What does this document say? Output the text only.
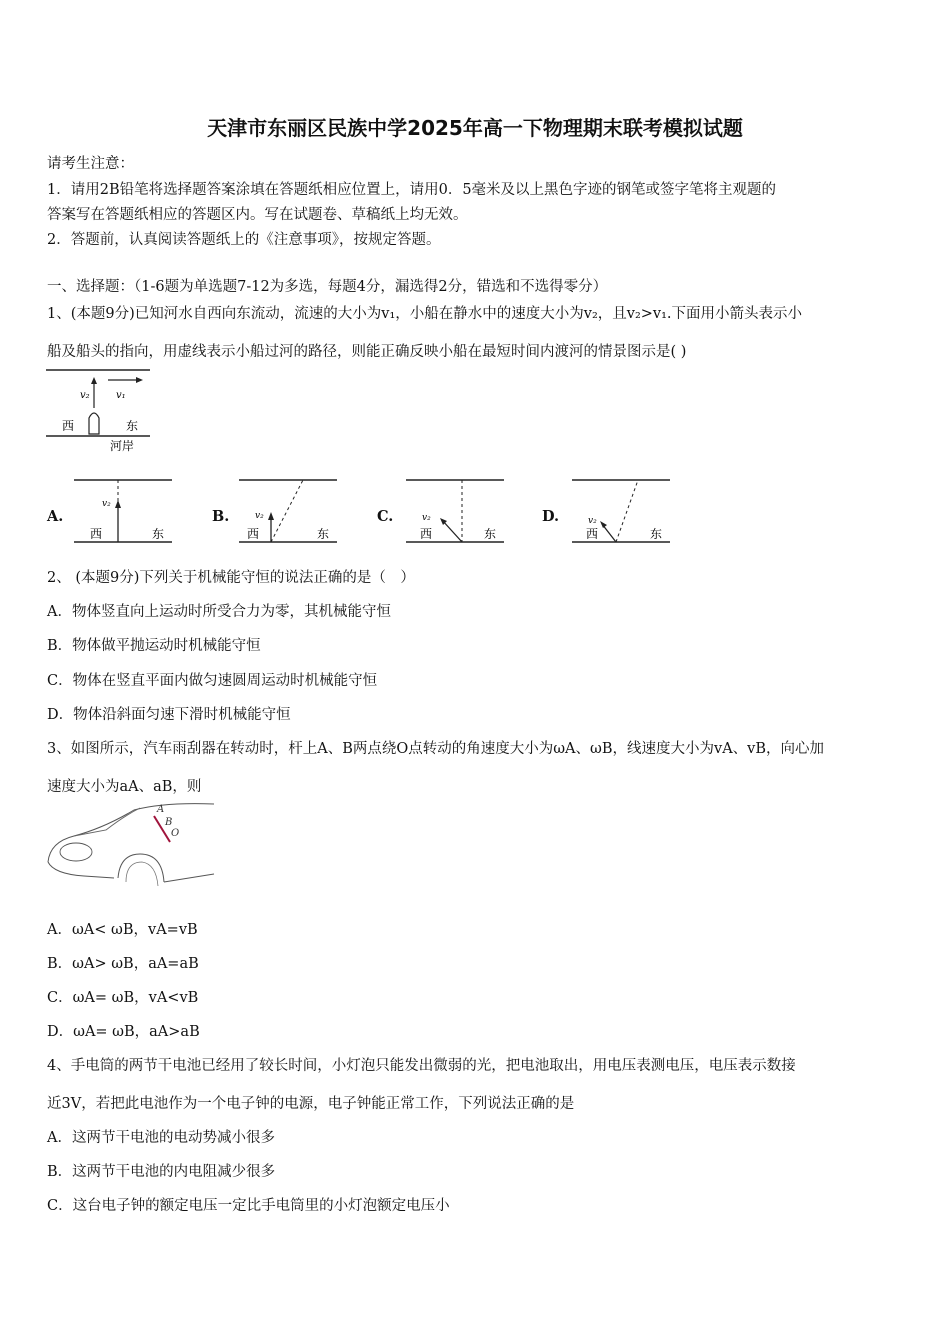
天津市东丽区民族中学2025年高一下物理期末联考模拟试题
请考生注意：
1．请用2B铅笔将选择题答案涂填在答题纸相应位置上，请用0．5毫米及以上黑色字迹的钢笔或签字笔将主观题的
答案写在答题纸相应的答题区内。写在试题卷、草稿纸上均无效。
2．答题前，认真阅读答题纸上的《注意事项》，按规定答题。
一、选择题：（1-6题为单选题7-12为多选，每题4分，漏选得2分，错选和不选得零分）
1、(本题9分)已知河水自西向东流动，流速的大小为v₁，小船在静水中的速度大小为v₂，且v₂>v₁.下面用小箭头表示小
船及船头的指向，用虚线表示小船过河的路径，则能正确反映小船在最短时间内渡河的情景图示是( )
v₂	v₁
西	东
河岸
A.
v₂
西	东
B.	v₂
西	东
C.	v₂
西	东
D.	v₂
西	东
2、 (本题9分)下列关于机械能守恒的说法正确的是（　）
A．物体竖直向上运动时所受合力为零，其机械能守恒
B．物体做平抛运动时机械能守恒
C．物体在竖直平面内做匀速圆周运动时机械能守恒
D．物体沿斜面匀速下滑时机械能守恒
3、如图所示，汽车雨刮器在转动时，杆上A、B两点绕O点转动的角速度大小为ωA、ωB，线速度大小为vA、vB，向心加
速度大小为aA、aB，则
A
B
O
A．ωA< ωB，vA=vB
B．ωA> ωB，aA=aB
C．ωA= ωB，vA<vB
D．ωA= ωB，aA>aB
4、手电筒的两节干电池已经用了较长时间，小灯泡只能发出微弱的光，把电池取出，用电压表测电压，电压表示数接
近3V，若把此电池作为一个电子钟的电源，电子钟能正常工作，下列说法正确的是
A．这两节干电池的电动势减小很多
B．这两节干电池的内电阻减少很多
C．这台电子钟的额定电压一定比手电筒里的小灯泡额定电压小
